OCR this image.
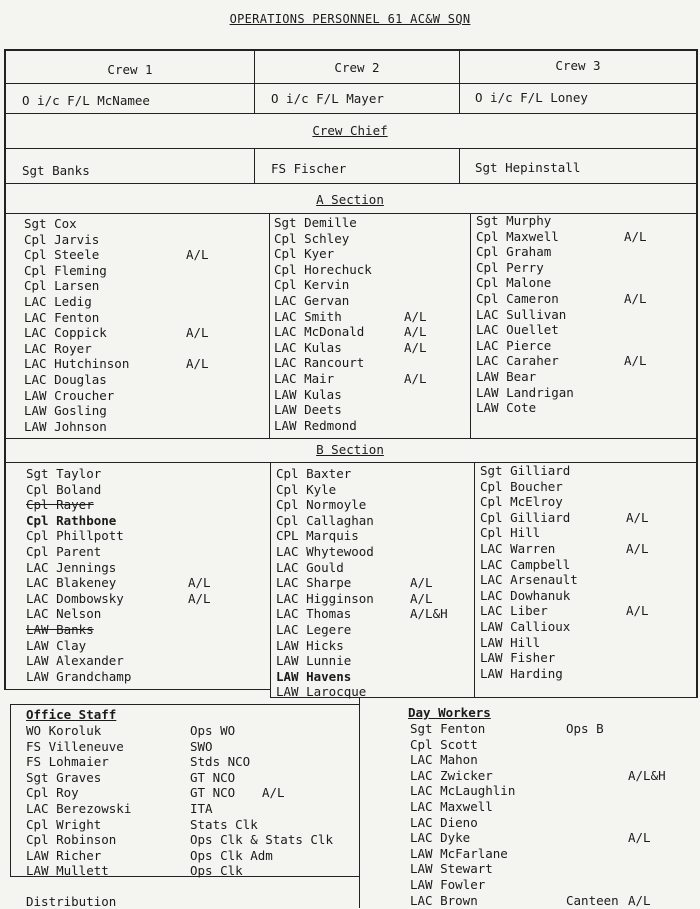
OPERATIONS PERSONNEL 61 AC&W SQN
Crew 1	Crew 2	Crew 3
O i/c F/L McNamee	O i/c F/L Mayer	O i/c F/L Loney
Crew Chief
Sgt Banks	FS Fischer	Sgt Hepinstall
A Section
Sgt Cox
Cpl Jarvis
Cpl Steele	A/L
Cpl Fleming
Cpl Larsen
LAC Ledig
LAC Fenton
LAC Coppick	A/L
LAC Royer
LAC Hutchinson	A/L
LAC Douglas
LAW Croucher
LAW Gosling
LAW Johnson
Sgt Demille
Cpl Schley
Cpl Kyer
Cpl Horechuck
Cpl Kervin
LAC Gervan
LAC Smith	A/L
LAC McDonald	A/L
LAC Kulas	A/L
LAC Rancourt
LAC Mair	A/L
LAW Kulas
LAW Deets
LAW Redmond
Sgt Murphy
Cpl Maxwell	A/L
Cpl Graham
Cpl Perry
Cpl Malone
Cpl Cameron	A/L
LAC Sullivan
LAC Ouellet
LAC Pierce
LAC Caraher	A/L
LAW Bear
LAW Landrigan
LAW Cote
B Section
Sgt Taylor
Cpl Boland
Cpl Rayer
Cpl Rathbone
Cpl Phillpott
Cpl Parent
LAC Jennings
LAC Blakeney	A/L
LAC Dombowsky	A/L
LAC Nelson
LAW Banks
LAW Clay
LAW Alexander
LAW Grandchamp
Cpl Baxter
Cpl Kyle
Cpl Normoyle
Cpl Callaghan
CPL Marquis
LAC Whytewood
LAC Gould
LAC Sharpe	A/L
LAC Higginson	A/L
LAC Thomas	A/L&H
LAC Legere
LAW Hicks
LAW Lunnie
LAW Havens
LAW Larocque
Sgt Gilliard
Cpl Boucher
Cpl McElroy
Cpl Gilliard	A/L
Cpl Hill
LAC Warren	A/L
LAC Campbell
LAC Arsenault
LAC Dowhanuk
LAC Liber	A/L
LAW Callioux
LAW Hill
LAW Fisher
LAW Harding
Office Staff
WO Koroluk	Ops WO
FS Villeneuve	SWO
FS Lohmaier	Stds NCO
Sgt Graves	GT NCO
Cpl Roy	GT NCO A/L
LAC Berezowski	ITA
Cpl Wright	Stats Clk
Cpl Robinson	Ops Clk & Stats Clk
LAW Richer	Ops Clk Adm
LAW Mullett	Ops Clk
Day Workers
Sgt Fenton	Ops B
Cpl Scott
LAC Mahon
LAC Zwicker	A/L&H
LAC McLaughlin
LAC Maxwell
LAC Dieno
LAC Dyke	A/L
LAW McFarlane
LAW Stewart
LAW Fowler
LAC Brown	Canteen A/L
Distribution
